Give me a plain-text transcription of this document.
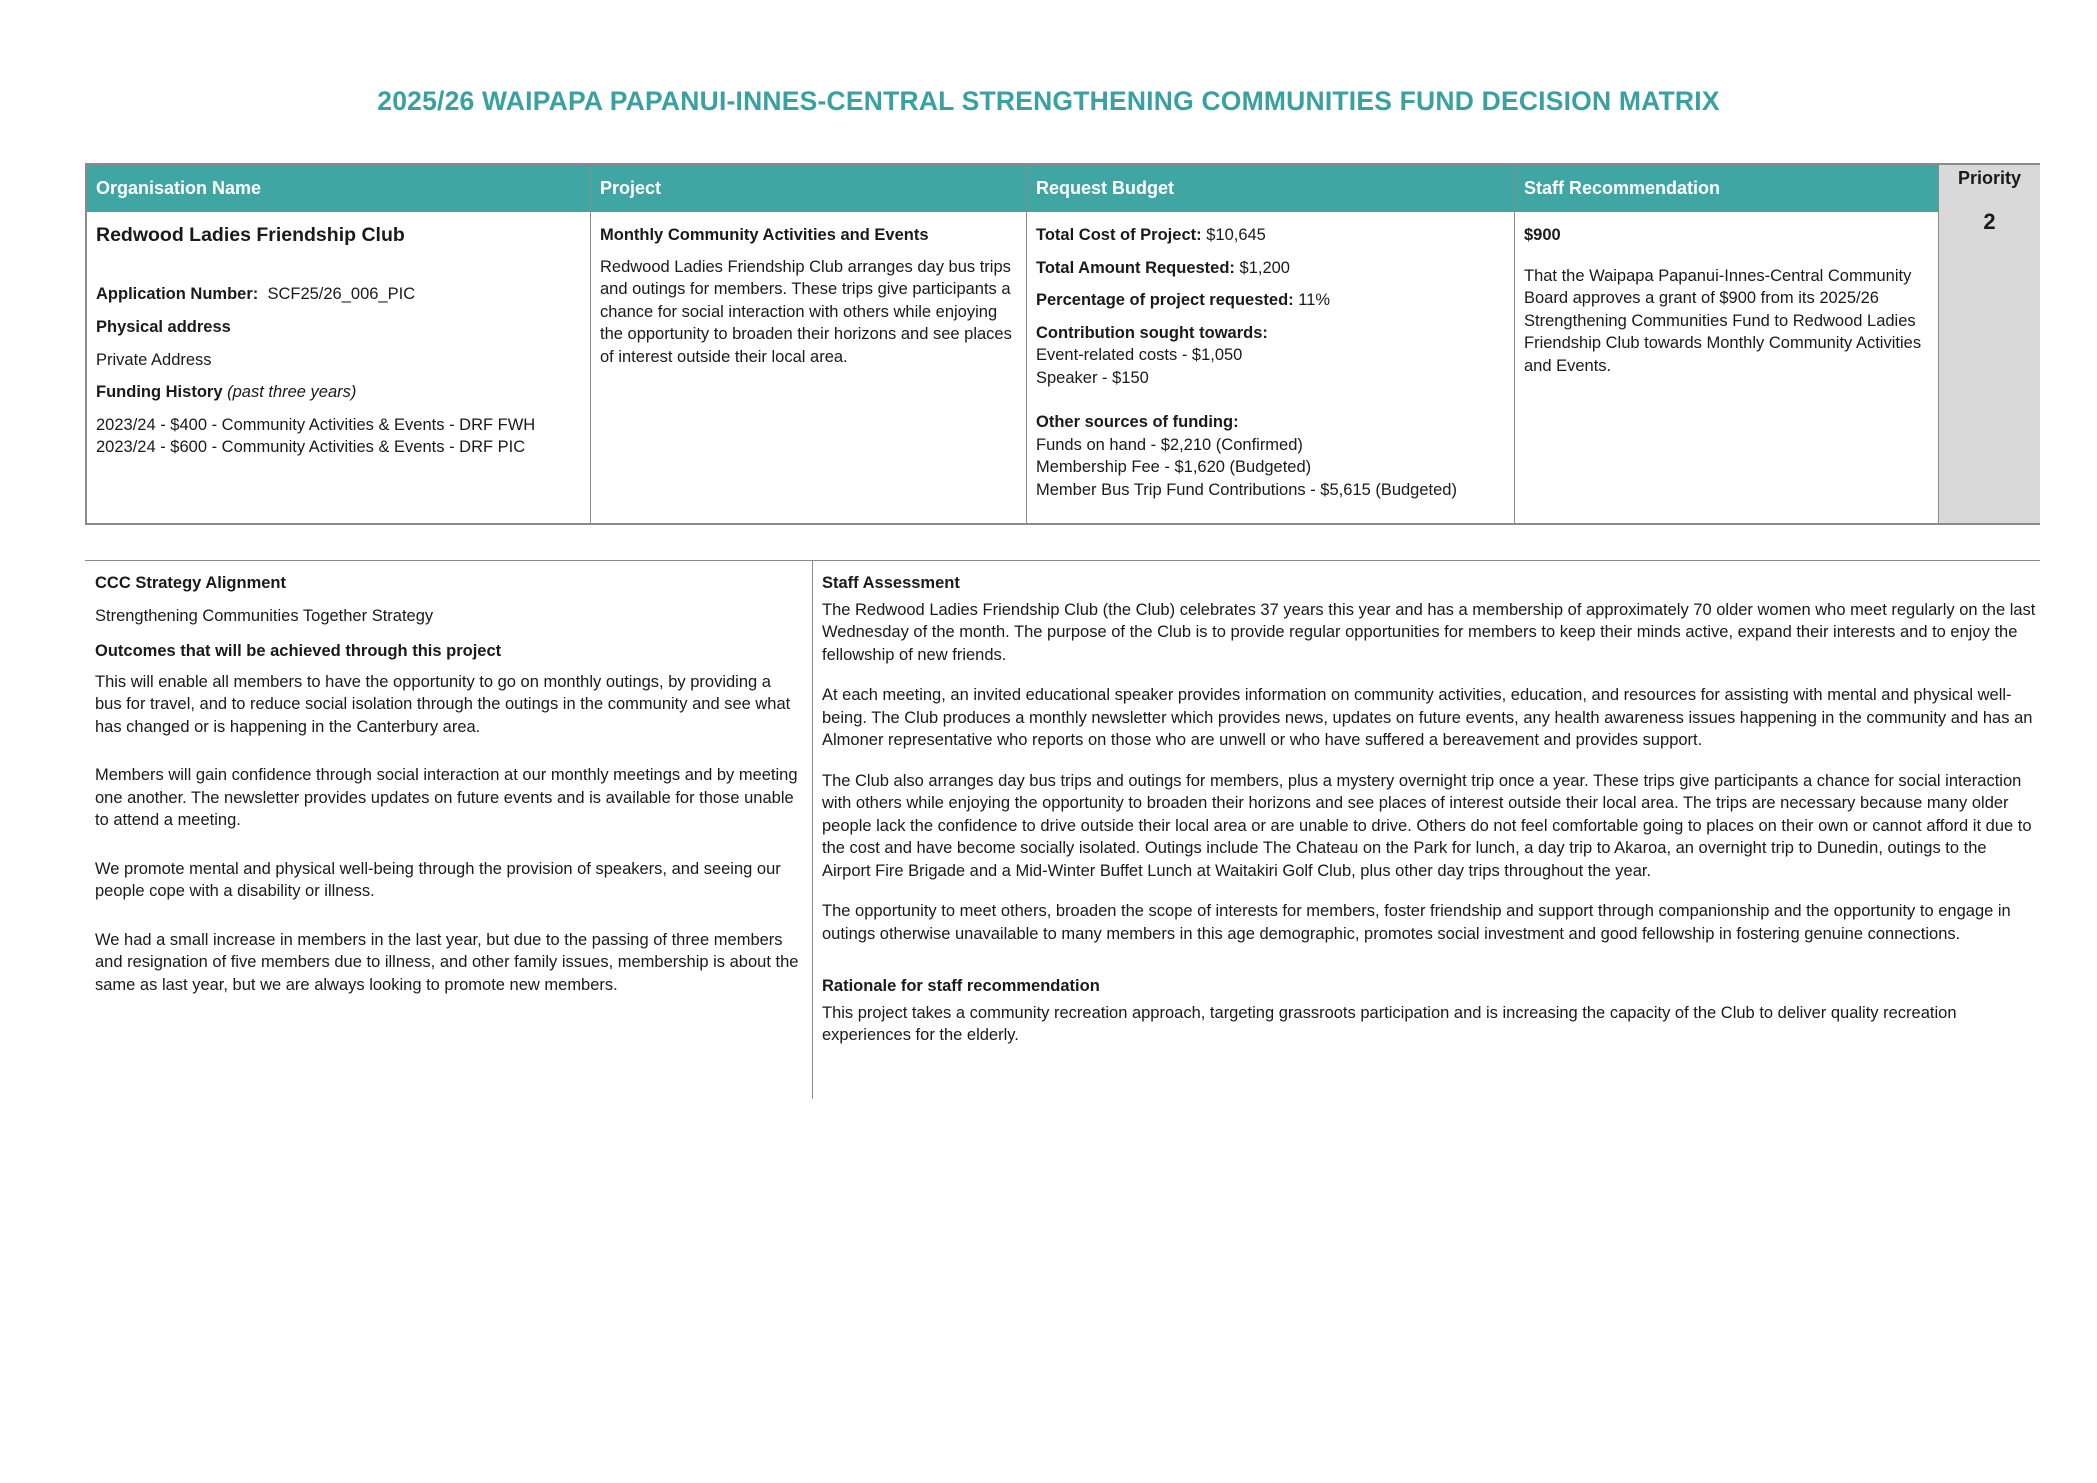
2025/26 WAIPAPA PAPANUI-INNES-CENTRAL STRENGTHENING COMMUNITIES FUND DECISION MATRIX
Organisation Name

Redwood Ladies Friendship Club

Application Number: SCF25/26_006_PIC

Physical address

Private Address

Funding History (past three years)

2023/24 - $400 - Community Activities & Events - DRF FWH

2023/24 - $600 - Community Activities & Events - DRF PIC

Project

Monthly Community Activities and Events

Redwood Ladies Friendship Club arranges day bus trips and outings for members. These trips give participants a chance for social interaction with others while enjoying the opportunity to broaden their horizons and see places of interest outside their local area.

Request Budget

Total Cost of Project: $10,645

Total Amount Requested: $1,200

Percentage of project requested: 11%

Contribution sought towards:

Event-related costs - $1,050

Speaker - $150

Other sources of funding:

Funds on hand - $2,210 (Confirmed)

Membership Fee - $1,620 (Budgeted)

Member Bus Trip Fund Contributions - $5,615 (Budgeted)

Staff Recommendation

$900

That the Waipapa Papanui-Innes-Central Community Board approves a grant of $900 from its 2025/26 Strengthening Communities Fund to Redwood Ladies Friendship Club towards Monthly Community Activities and Events.

Priority
2

CCC Strategy Alignment

Strengthening Communities Together Strategy

Outcomes that will be achieved through this project

This will enable all members to have the opportunity to go on monthly outings, by providing a bus for travel, and to reduce social isolation through the outings in the community and see what has changed or is happening in the Canterbury area.

Members will gain confidence through social interaction at our monthly meetings and by meeting one another. The newsletter provides updates on future events and is available for those unable to attend a meeting.

We promote mental and physical well-being through the provision of speakers, and seeing our people cope with a disability or illness.

We had a small increase in members in the last year, but due to the passing of three members and resignation of five members due to illness, and other family issues, membership is about the same as last year, but we are always looking to promote new members.

Staff Assessment

The Redwood Ladies Friendship Club (the Club) celebrates 37 years this year and has a membership of approximately 70 older women who meet regularly on the last Wednesday of the month. The purpose of the Club is to provide regular opportunities for members to keep their minds active, expand their interests and to enjoy the fellowship of new friends.

At each meeting, an invited educational speaker provides information on community activities, education, and resources for assisting with mental and physical well-being. The Club produces a monthly newsletter which provides news, updates on future events, any health awareness issues happening in the community and has an Almoner representative who reports on those who are unwell or who have suffered a bereavement and provides support.

The Club also arranges day bus trips and outings for members, plus a mystery overnight trip once a year. These trips give participants a chance for social interaction with others while enjoying the opportunity to broaden their horizons and see places of interest outside their local area. The trips are necessary because many older people lack the confidence to drive outside their local area or are unable to drive. Others do not feel comfortable going to places on their own or cannot afford it due to the cost and have become socially isolated. Outings include The Chateau on the Park for lunch, a day trip to Akaroa, an overnight trip to Dunedin, outings to the Airport Fire Brigade and a Mid-Winter Buffet Lunch at Waitakiri Golf Club, plus other day trips throughout the year.

The opportunity to meet others, broaden the scope of interests for members, foster friendship and support through companionship and the opportunity to engage in outings otherwise unavailable to many members in this age demographic, promotes social investment and good fellowship in fostering genuine connections.

Rationale for staff recommendation

This project takes a community recreation approach, targeting grassroots participation and is increasing the capacity of the Club to deliver quality recreation experiences for the elderly.
